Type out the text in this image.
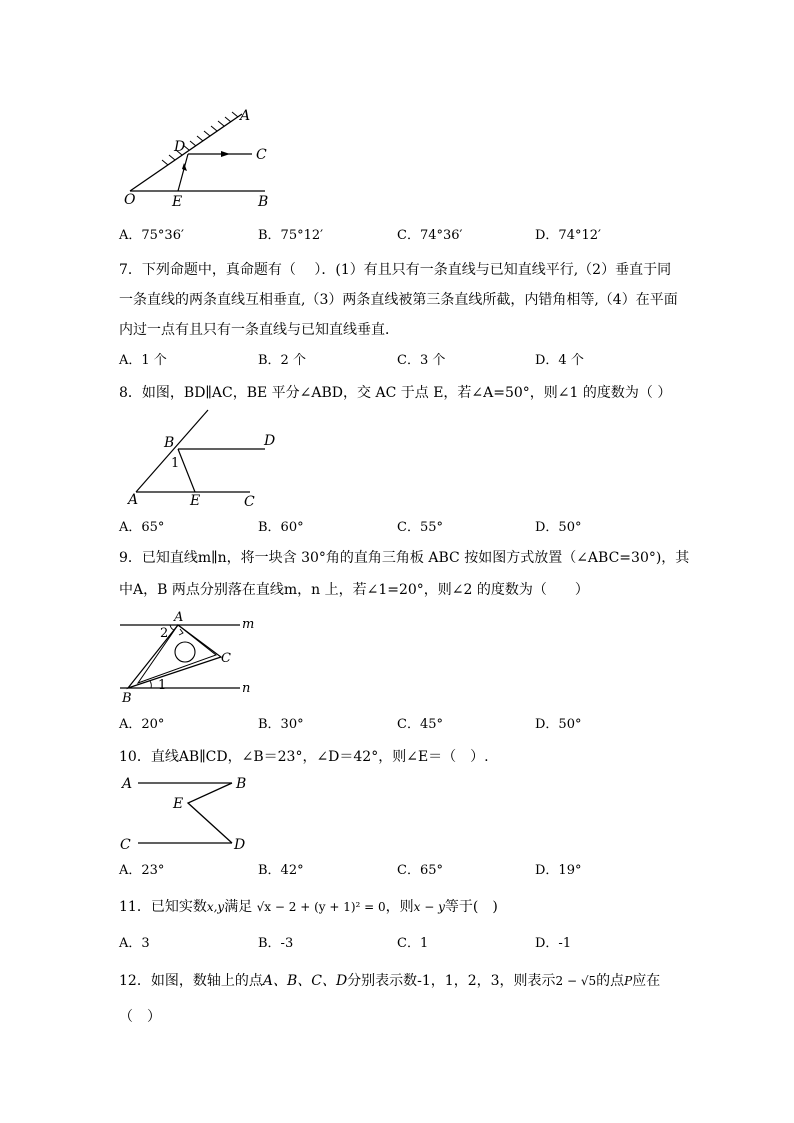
A
D	C
O	E	B
A．75°36′	B．75°12′	C．74°36′	D．74°12′
7．下列命题中，真命题有（　 ）．(1）有且只有一条直线与已知直线平行,（2）垂直于同
一条直线的两条直线互相垂直,（3）两条直线被第三条直线所截，内错角相等,（4）在平面
内过一点有且只有一条直线与已知直线垂直．
A．1 个	B．2 个	C．3 个	D．4 个
8．如图，BD∥AC，BE 平分∠ABD，交 AC 于点 E，若∠A=50°，则∠1 的度数为（ ）
B	D
1
A	E	C
A．65°	B．60°	C．55°	D．50°
9．已知直线m∥n，将一块含 30°角的直角三角板 ABC 按如图方式放置（∠ABC=30°)，其
中A，B 两点分别落在直线m，n 上，若∠1=20°，则∠2 的度数为（　　）
A	m
2
C
B
1	n
A．20°	B．30°	C．45°	D．50°
10．直线AB∥CD，∠B＝23°，∠D＝42°，则∠E＝（　）.
A	B
E
C	D
A．23°	B．42°	C．65°	D．19°
11．已知实数x,y满足 √x − 2 + (y + 1)² = 0，则x − y等于(　)
A．3	B．-3	C．1	D．-1
12．如图，数轴上的点A、B、C、D分别表示数-1，1，2，3，则表示2 − √5的点P应在
（　）
